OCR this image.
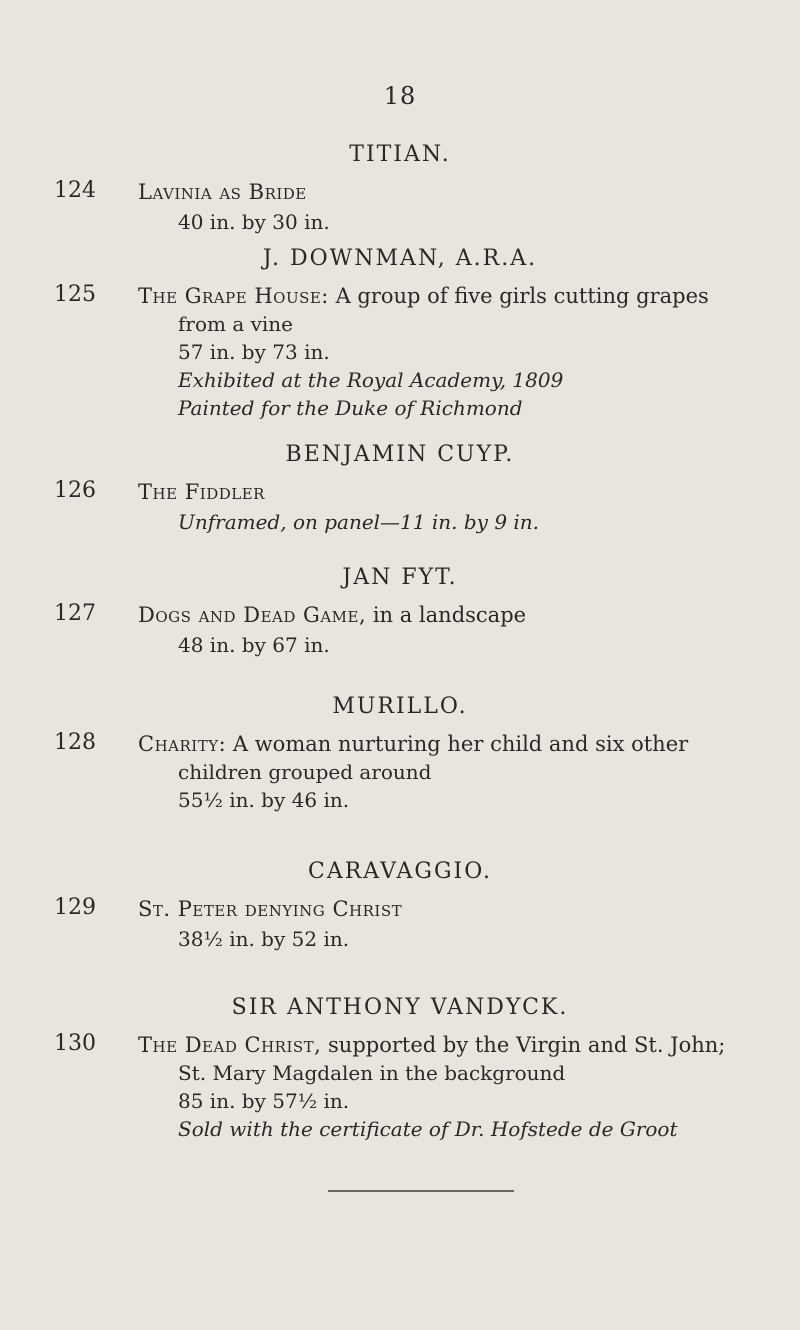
18
TITIAN.
124 Lavinia as Bride
40 in. by 30 in.
J. DOWNMAN, A.R.A.
125 The Grape House: A group of five girls cutting grapes
from a vine
57 in. by 73 in.
Exhibited at the Royal Academy, 1809
Painted for the Duke of Richmond
BENJAMIN CUYP.
126 The Fiddler
Unframed, on panel—11 in. by 9 in.
JAN FYT.
127 Dogs and Dead Game, in a landscape
48 in. by 67 in.
MURILLO.
128 Charity: A woman nurturing her child and six other
children grouped around
55½ in. by 46 in.
CARAVAGGIO.
129 St. Peter denying Christ
38½ in. by 52 in.
SIR ANTHONY VANDYCK.
130 The Dead Christ, supported by the Virgin and St. John;
St. Mary Magdalen in the background
85 in. by 57½ in.
Sold with the certificate of Dr. Hofstede de Groot
